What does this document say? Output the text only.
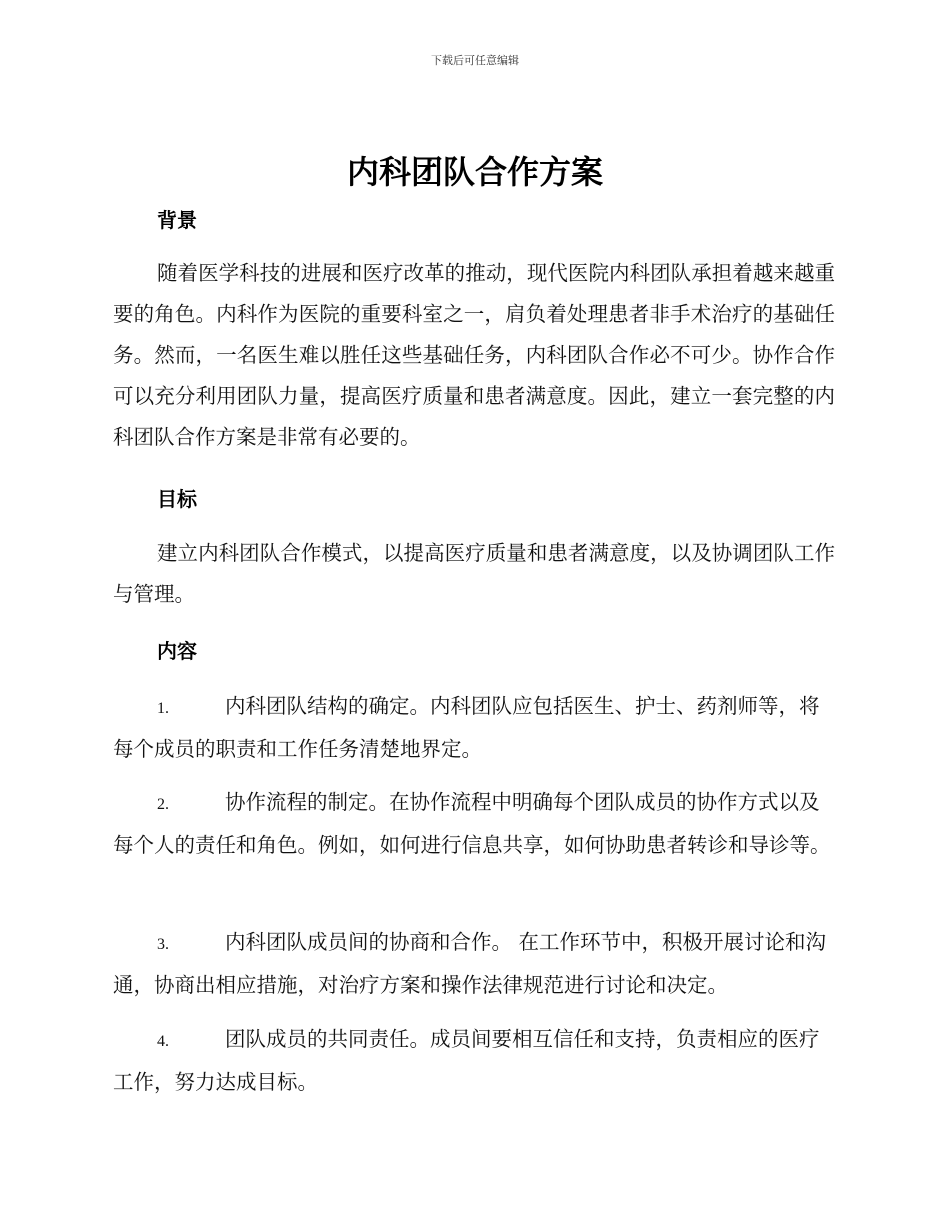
下载后可任意编辑
内科团队合作方案
背景

随着医学科技的进展和医疗改革的推动，现代医院内科团队承担着越来越重要的角色。内科作为医院的重要科室之一，肩负着处理患者非手术治疗的基础任务。然而，一名医生难以胜任这些基础任务，内科团队合作必不可少。协作合作可以充分利用团队力量，提高医疗质量和患者满意度。因此，建立一套完整的内科团队合作方案是非常有必要的。

目标

建立内科团队合作模式，以提高医疗质量和患者满意度，以及协调团队工作与管理。

内容

1.	内科团队结构的确定。内科团队应包括医生、护士、药剂师等，将每个成员的职责和工作任务清楚地界定。

2.	协作流程的制定。在协作流程中明确每个团队成员的协作方式以及每个人的责任和角色。例如，如何进行信息共享，如何协助患者转诊和导诊等。

3.	内科团队成员间的协商和合作。 在工作环节中，积极开展讨论和沟通，协商出相应措施，对治疗方案和操作法律规范进行讨论和决定。

4.	团队成员的共同责任。成员间要相互信任和支持，负责相应的医疗工作，努力达成目标。
